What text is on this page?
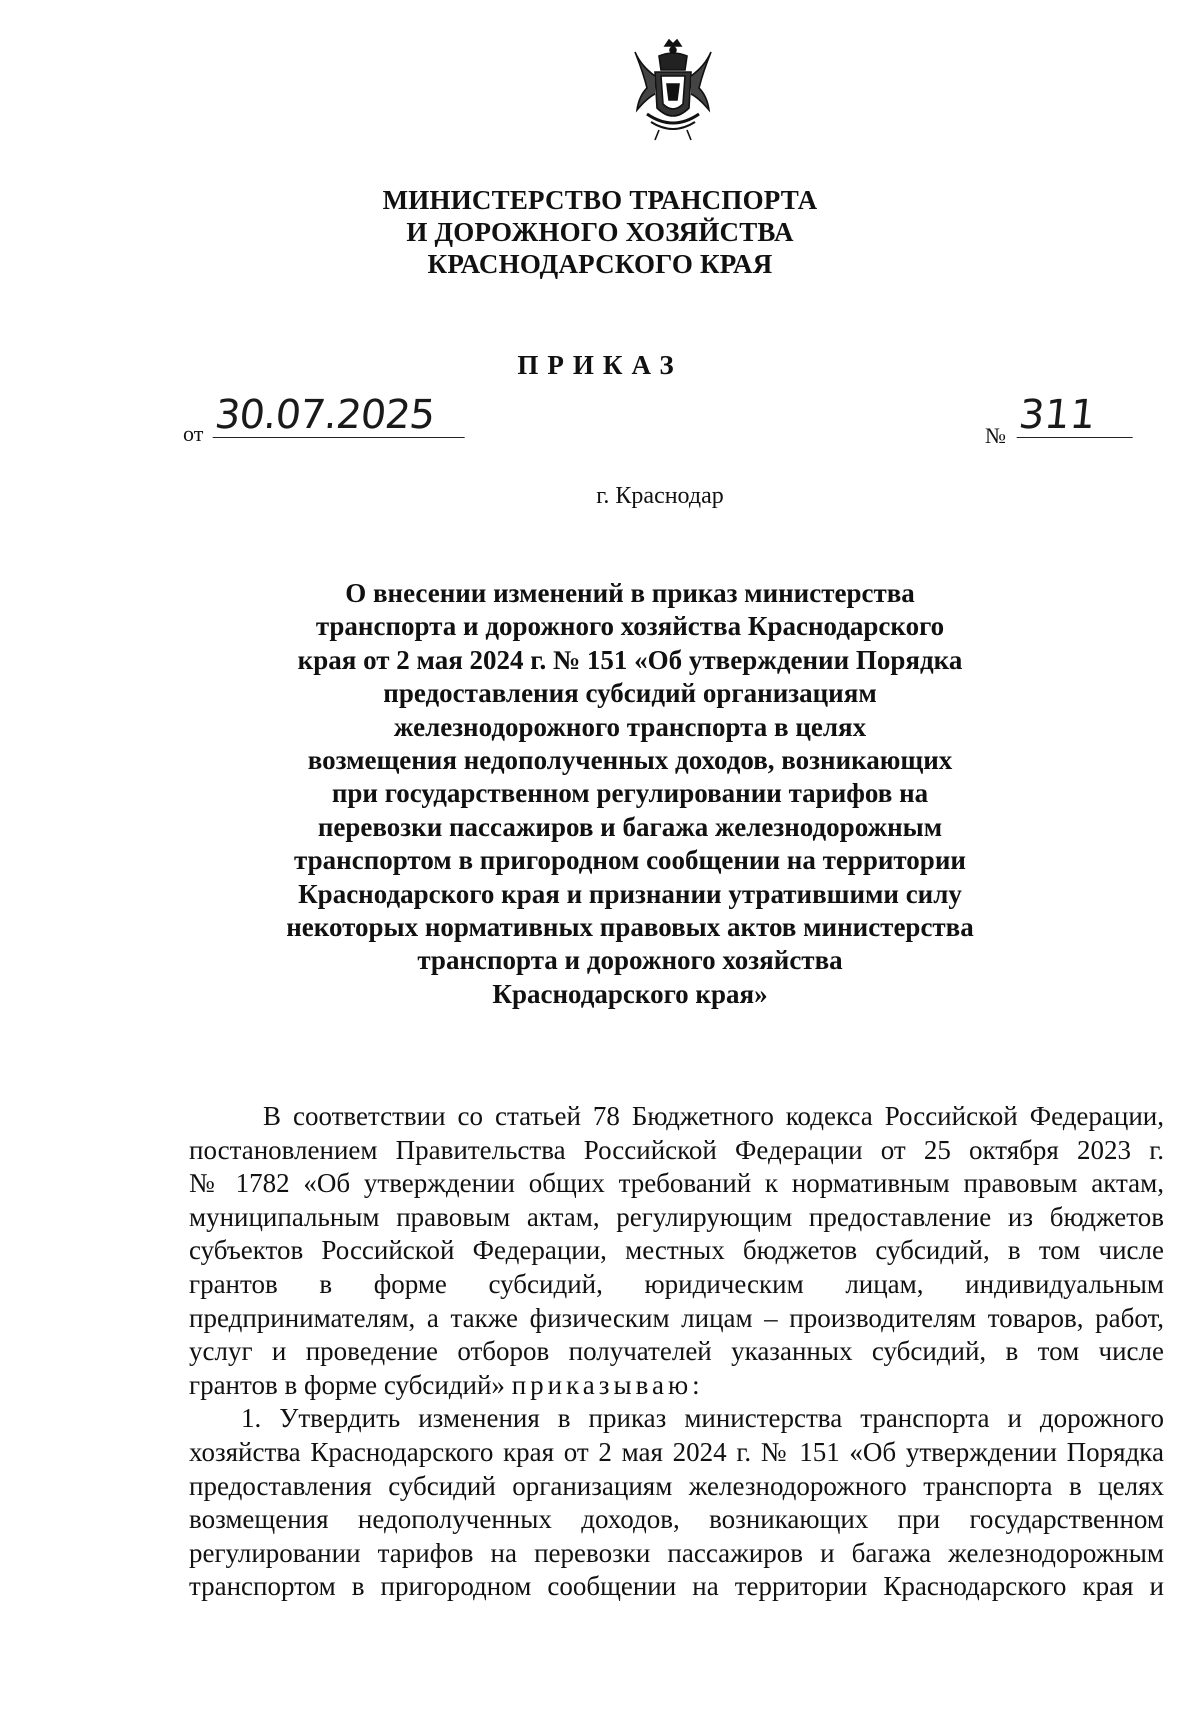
МИНИСТЕРСТВО ТРАНСПОРТА
И ДОРОЖНОГО ХОЗЯЙСТВА
КРАСНОДАРСКОГО КРАЯ
ПРИКАЗ
от 30.07.2025	№ 311
г. Краснодар
О внесении изменений в приказ министерства
транспорта и дорожного хозяйства Краснодарского
края от 2 мая 2024 г. № 151 «Об утверждении Порядка
предоставления субсидий организациям
железнодорожного транспорта в целях
возмещения недополученных доходов, возникающих
при государственном регулировании тарифов на
перевозки пассажиров и багажа железнодорожным
транспортом в пригородном сообщении на территории
Краснодарского края и признании утратившими силу
некоторых нормативных правовых актов министерства
транспорта и дорожного хозяйства
Краснодарского края»
В соответствии со статьей 78 Бюджетного кодекса Российской Федерации,
постановлением Правительства Российской Федерации от 25 октября 2023 г.
№ 1782 «Об утверждении общих требований к нормативным правовым актам,
муниципальным правовым актам, регулирующим предоставление из бюджетов
субъектов Российской Федерации, местных бюджетов субсидий, в том числе
грантов в форме субсидий, юридическим лицам, индивидуальным
предпринимателям, а также физическим лицам – производителям товаров, работ,
услуг и проведение отборов получателей указанных субсидий, в том числе
грантов в форме субсидий» приказываю:
1. Утвердить изменения в приказ министерства транспорта и дорожного
хозяйства Краснодарского края от 2 мая 2024 г. № 151 «Об утверждении Порядка
предоставления субсидий организациям железнодорожного транспорта в целях
возмещения недополученных доходов, возникающих при государственном
регулировании тарифов на перевозки пассажиров и багажа железнодорожным
транспортом в пригородном сообщении на территории Краснодарского края и
